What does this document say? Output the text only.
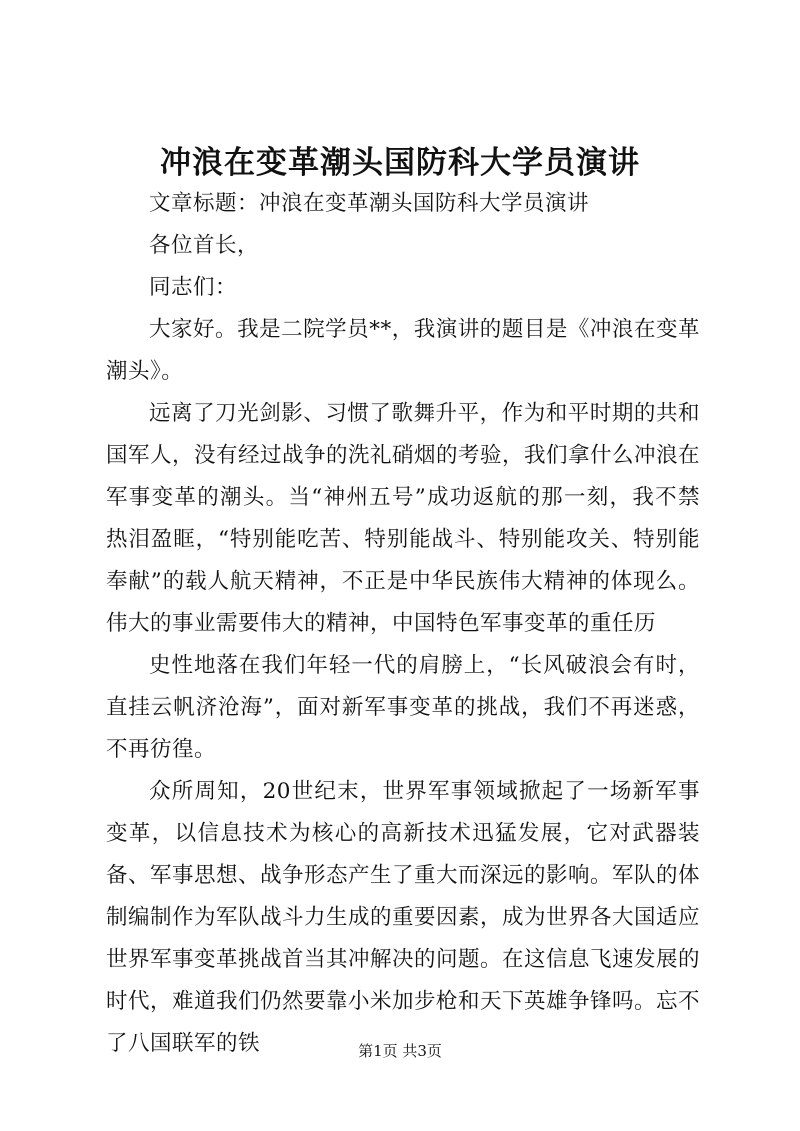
冲浪在变革潮头国防科大学员演讲

文章标题：冲浪在变革潮头国防科大学员演讲

各位首长，

同志们：

大家好。我是二院学员**，我演讲的题目是《冲浪在变革潮头》。

远离了刀光剑影、习惯了歌舞升平，作为和平时期的共和国军人，没有经过战争的洗礼硝烟的考验，我们拿什么冲浪在军事变革的潮头。当“神州五号”成功返航的那一刻，我不禁热泪盈眶，“特别能吃苦、特别能战斗、特别能攻关、特别能奉献”的载人航天精神，不正是中华民族伟大精神的体现么。伟大的事业需要伟大的精神，中国特色军事变革的重任历

史性地落在我们年轻一代的肩膀上，“长风破浪会有时，直挂云帆济沧海”，面对新军事变革的挑战，我们不再迷惑，不再彷徨。

众所周知，20世纪末，世界军事领域掀起了一场新军事变革，以信息技术为核心的高新技术迅猛发展，它对武器装备、军事思想、战争形态产生了重大而深远的影响。军队的体制编制作为军队战斗力生成的重要因素，成为世界各大国适应世界军事变革挑战首当其冲解决的问题。在这信息飞速发展的时代，难道我们仍然要靠小米加步枪和天下英雄争锋吗。忘不了八国联军的铁	第1页 共3页
